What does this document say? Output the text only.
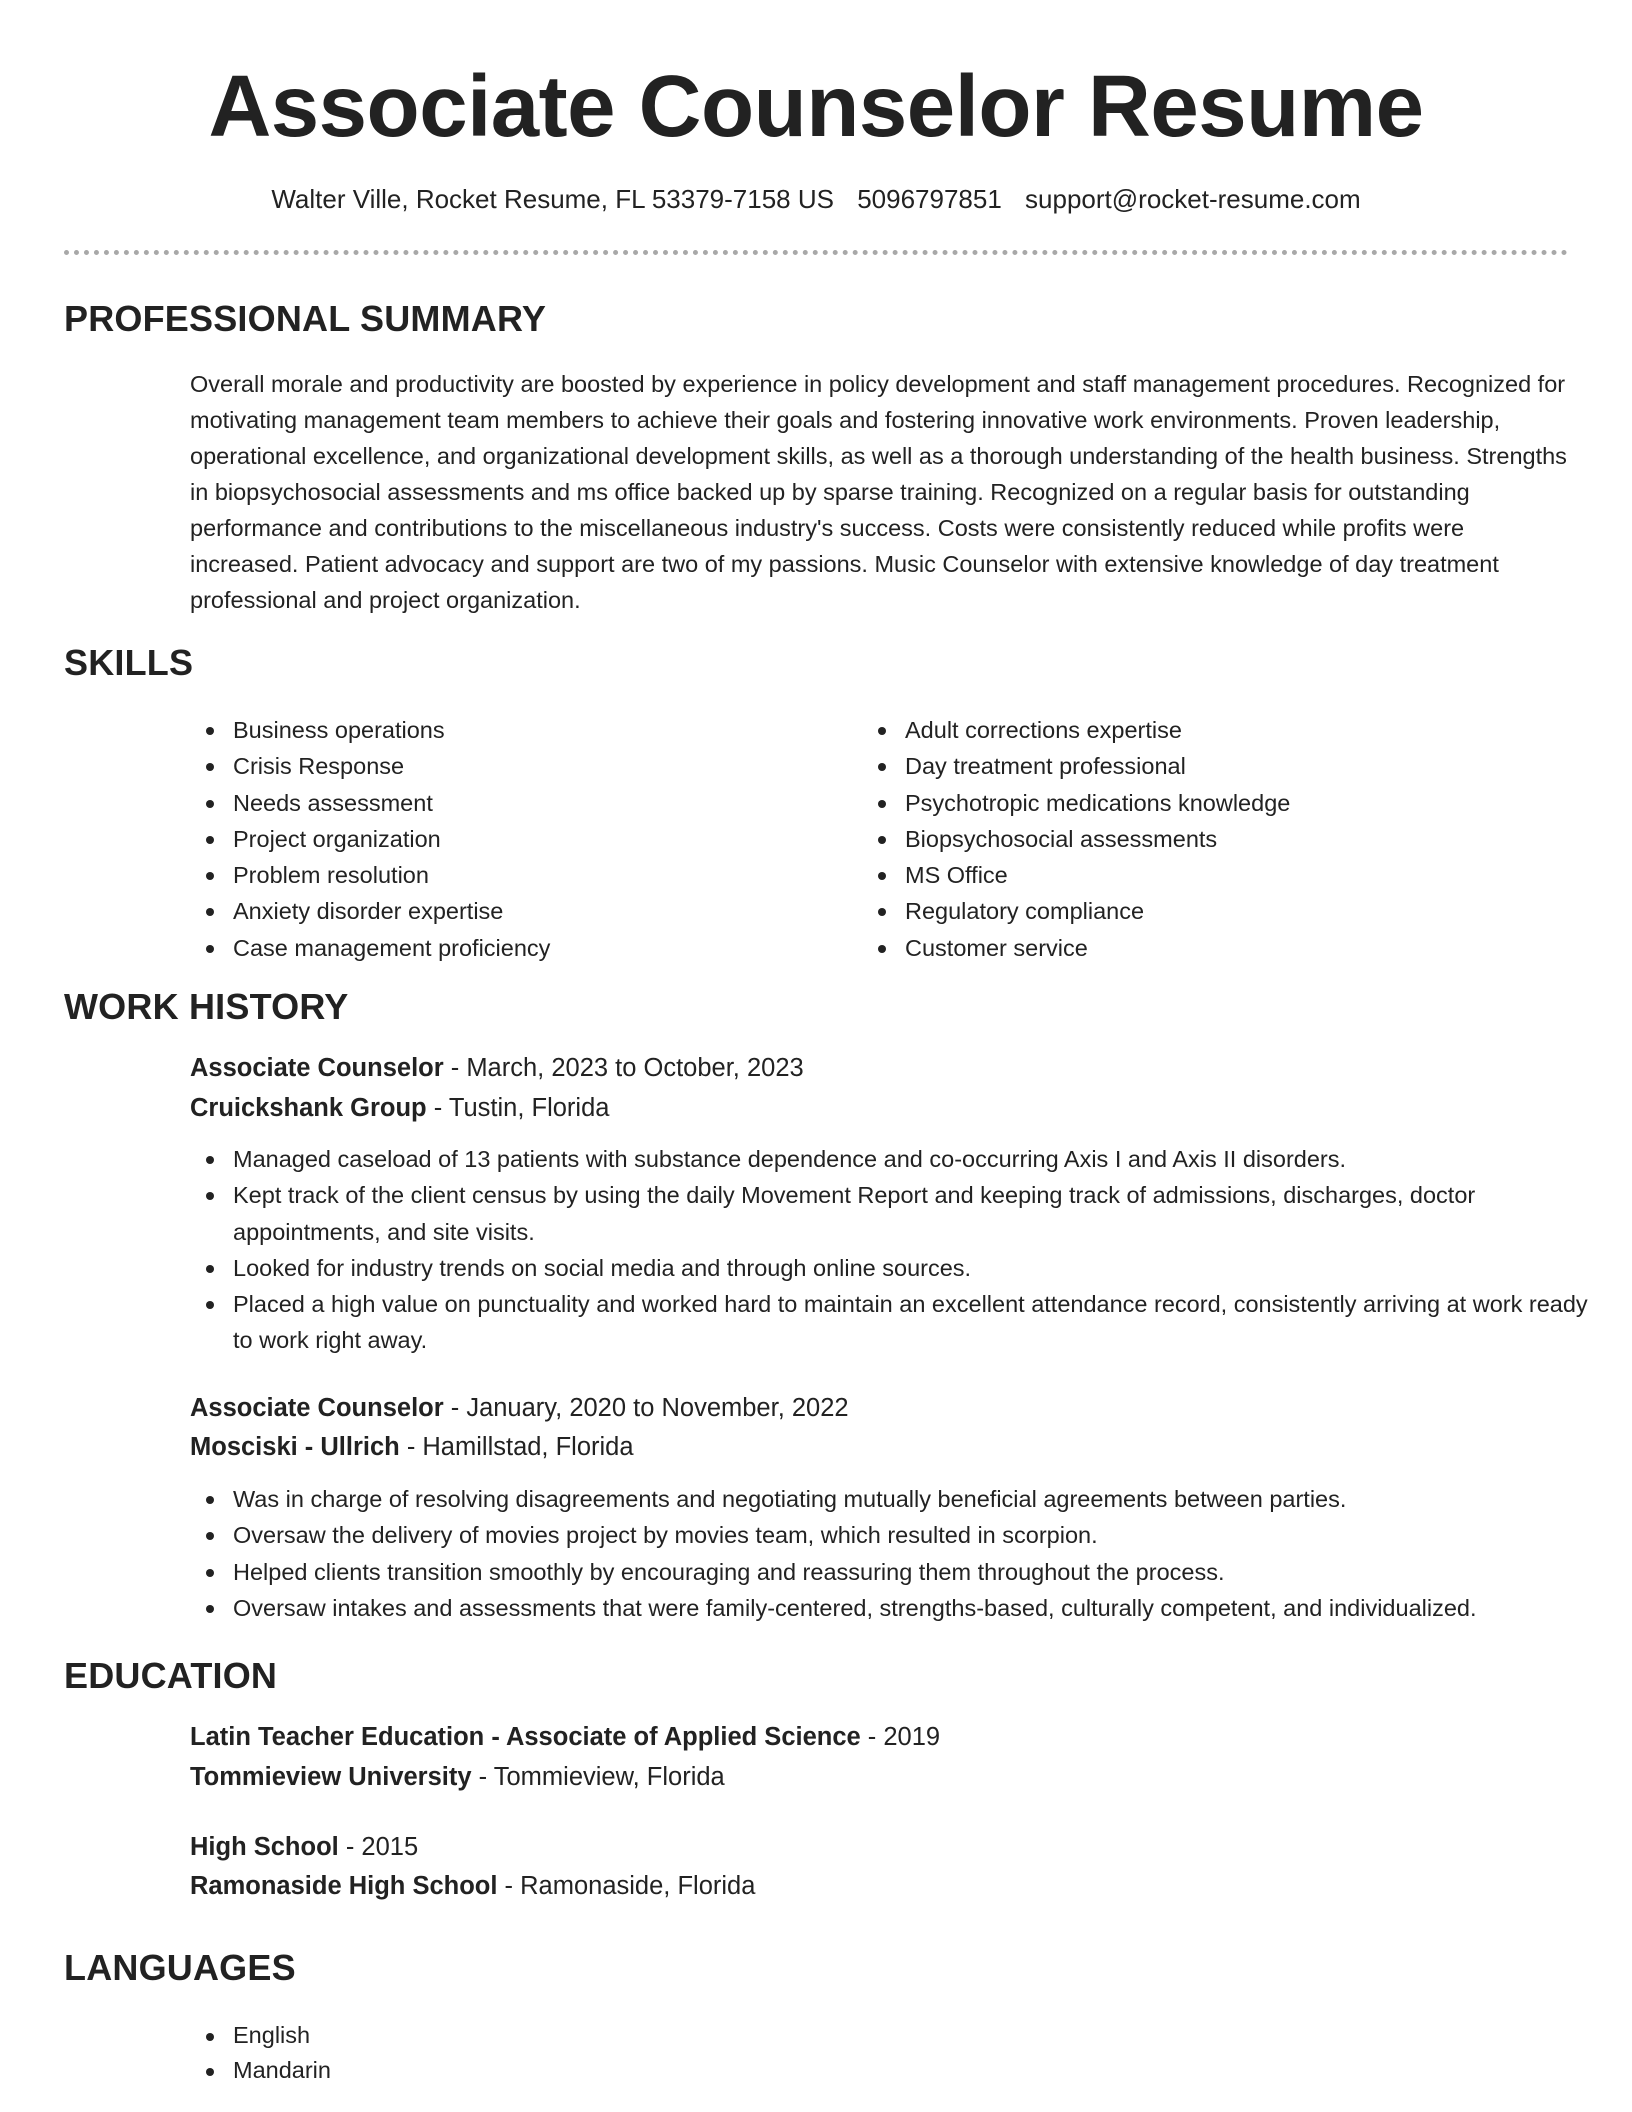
Associate Counselor Resume
Walter Ville, Rocket Resume, FL 53379-7158 US 5096797851 support@rocket-resume.com
PROFESSIONAL SUMMARY

Overall morale and productivity are boosted by experience in policy development and staff management procedures. Recognized for motivating management team members to achieve their goals and fostering innovative work environments. Proven leadership, operational excellence, and organizational development skills, as well as a thorough understanding of the health business. Strengths in biopsychosocial assessments and ms office backed up by sparse training. Recognized on a regular basis for outstanding performance and contributions to the miscellaneous industry's success. Costs were consistently reduced while profits were increased. Patient advocacy and support are two of my passions. Music Counselor with extensive knowledge of day treatment professional and project organization.

SKILLS
Business operations
Crisis Response
Needs assessment
Project organization
Problem resolution
Anxiety disorder expertise
Case management proficiency
Adult corrections expertise
Day treatment professional
Psychotropic medications knowledge
Biopsychosocial assessments
MS Office
Regulatory compliance
Customer service
WORK HISTORY
Associate Counselor - March, 2023 to October, 2023
Cruickshank Group - Tustin, Florida
Managed caseload of 13 patients with substance dependence and co-occurring Axis I and Axis II disorders.
Kept track of the client census by using the daily Movement Report and keeping track of admissions, discharges, doctor appointments, and site visits.
Looked for industry trends on social media and through online sources.
Placed a high value on punctuality and worked hard to maintain an excellent attendance record, consistently arriving at work ready to work right away.
Associate Counselor - January, 2020 to November, 2022
Mosciski - Ullrich - Hamillstad, Florida
Was in charge of resolving disagreements and negotiating mutually beneficial agreements between parties.
Oversaw the delivery of movies project by movies team, which resulted in scorpion.
Helped clients transition smoothly by encouraging and reassuring them throughout the process.
Oversaw intakes and assessments that were family-centered, strengths-based, culturally competent, and individualized.
EDUCATION
Latin Teacher Education - Associate of Applied Science - 2019
Tommieview University - Tommieview, Florida
High School - 2015
Ramonaside High School - Ramonaside, Florida
LANGUAGES
English
Mandarin
